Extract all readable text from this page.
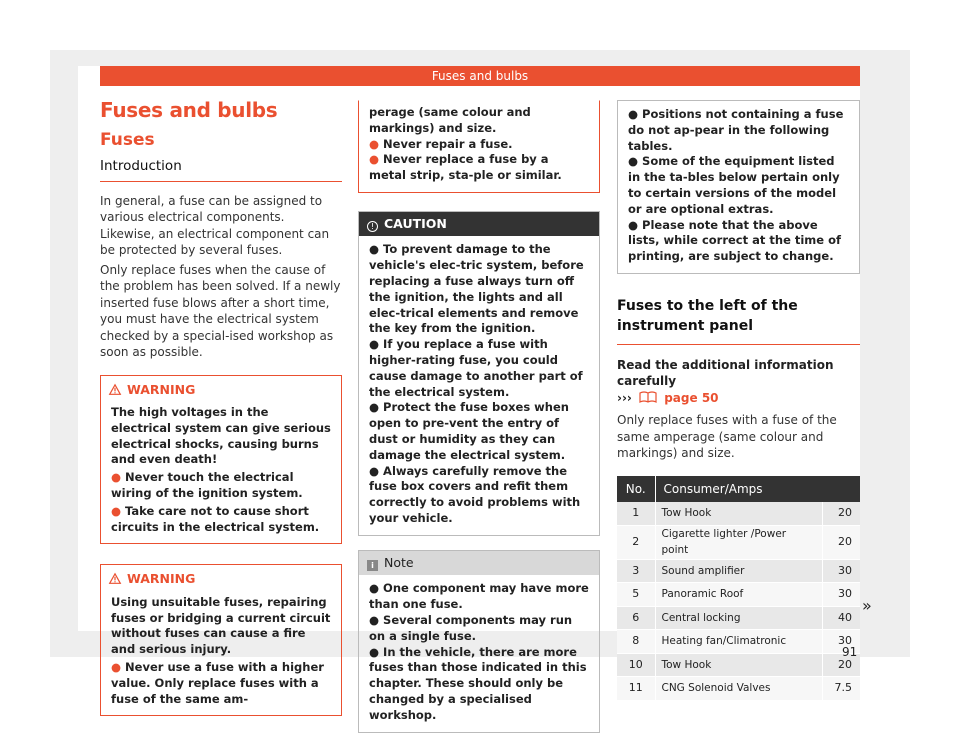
Fuses and bulbs
Fuses and bulbs
Fuses
Introduction

In general, a fuse can be assigned to various electrical components. Likewise, an electrical component can be protected by several fuses.

Only replace fuses when the cause of the problem has been solved. If a newly inserted fuse blows after a short time, you must have the electrical system checked by a special-ised workshop as soon as possible.

WARNING
The high voltages in the electrical system can give serious electrical shocks, causing burns and even death!
● Never touch the electrical wiring of the ignition system.
● Take care not to cause short circuits in the electrical system.
WARNING
Using unsuitable fuses, repairing fuses or bridging a current circuit without fuses can cause a fire and serious injury.
● Never use a fuse with a higher value. Only replace fuses with a fuse of the same am-
perage (same colour and markings) and size.
● Never repair a fuse.
● Never replace a fuse by a metal strip, sta-ple or similar.
! CAUTION
● To prevent damage to the vehicle's elec-tric system, before replacing a fuse always turn off the ignition, the lights and all elec-trical elements and remove the key from the ignition.
● If you replace a fuse with higher-rating fuse, you could cause damage to another part of the electrical system.
● Protect the fuse boxes when open to pre-vent the entry of dust or humidity as they can damage the electrical system.
● Always carefully remove the fuse box covers and refit them correctly to avoid problems with your vehicle.
i Note
● One component may have more than one fuse.
● Several components may run on a single fuse.
● In the vehicle, there are more fuses than those indicated in this chapter. These should only be changed by a specialised workshop.
● Positions not containing a fuse do not ap-pear in the following tables.
● Some of the equipment listed in the ta-bles below pertain only to certain versions of the model or are optional extras.
● Please note that the above lists, while correct at the time of printing, are subject to change.
Fuses to the left of the instrument panel
Read the additional information carefully
›››	page 50

Only replace fuses with a fuse of the same amperage (same colour and markings) and size.

No.	Consumer/Amps	
1	Tow Hook	20
2	Cigarette lighter /Power point	20
3	Sound amplifier	30
5	Panoramic Roof	30
6	Central locking	40
8	Heating fan/Climatronic	30
10	Tow Hook	20
11	CNG Solenoid Valves	7.5
»
91
